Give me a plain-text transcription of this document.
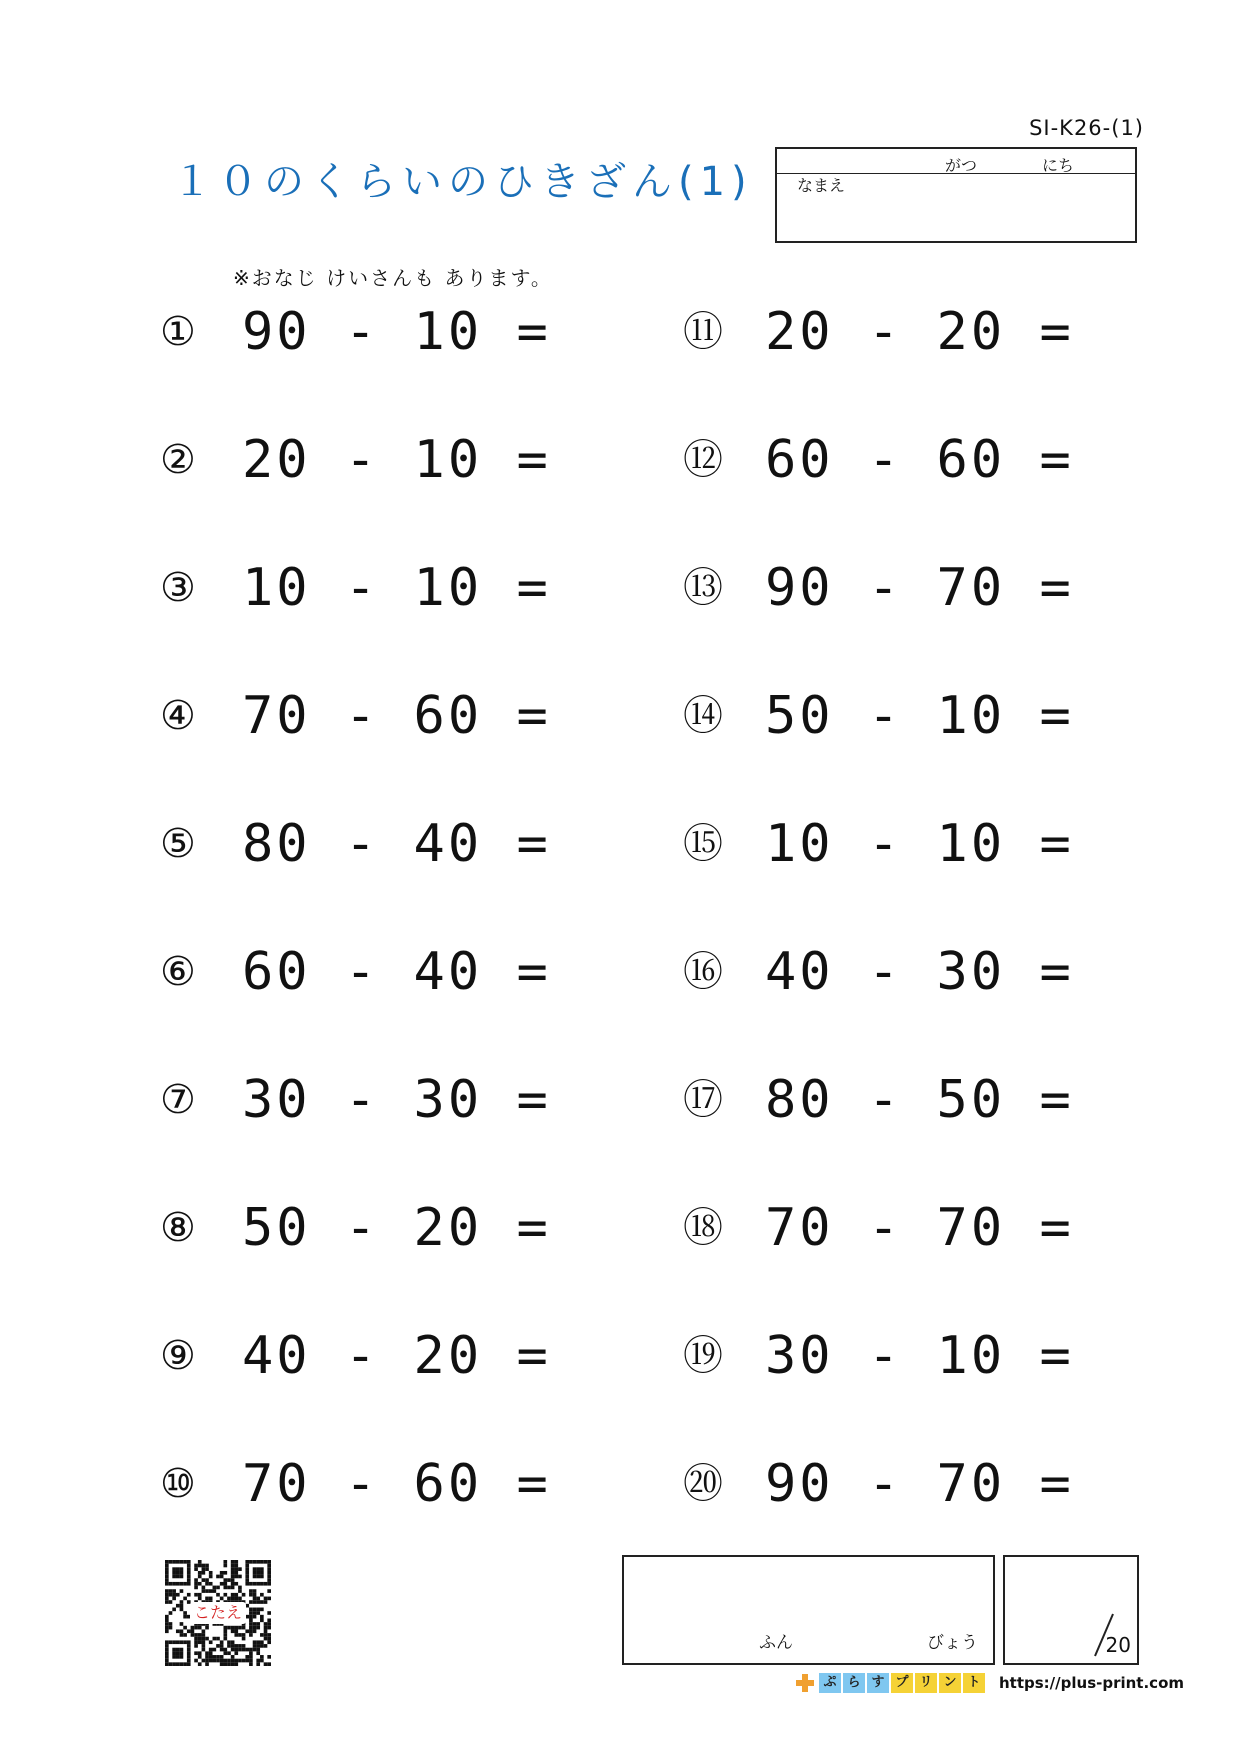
SI-K26-(1)
１０のくらいのひきざん(1)	がつ	にち
なまえ
※おなじ けいさんも あります。
① 90 - 10 =
② 20 - 10 =
③ 10 - 10 =
④ 70 - 60 =
⑤ 80 - 40 =
⑥ 60 - 40 =
⑦ 30 - 30 =
⑧ 50 - 20 =
⑨ 40 - 20 =
⑩ 70 - 60 =
⑪ 20 - 20 =
⑫ 60 - 60 =
⑬ 90 - 70 =
⑭ 50 - 10 =
⑮ 10 - 10 =
⑯ 40 - 30 =
⑰ 80 - 50 =
⑱ 70 - 70 =
⑲ 30 - 10 =
⑳ 90 - 70 =
こたえ
ふん	びょう	20
ぷ ら す プ リ ン ト	https://plus-print.com
